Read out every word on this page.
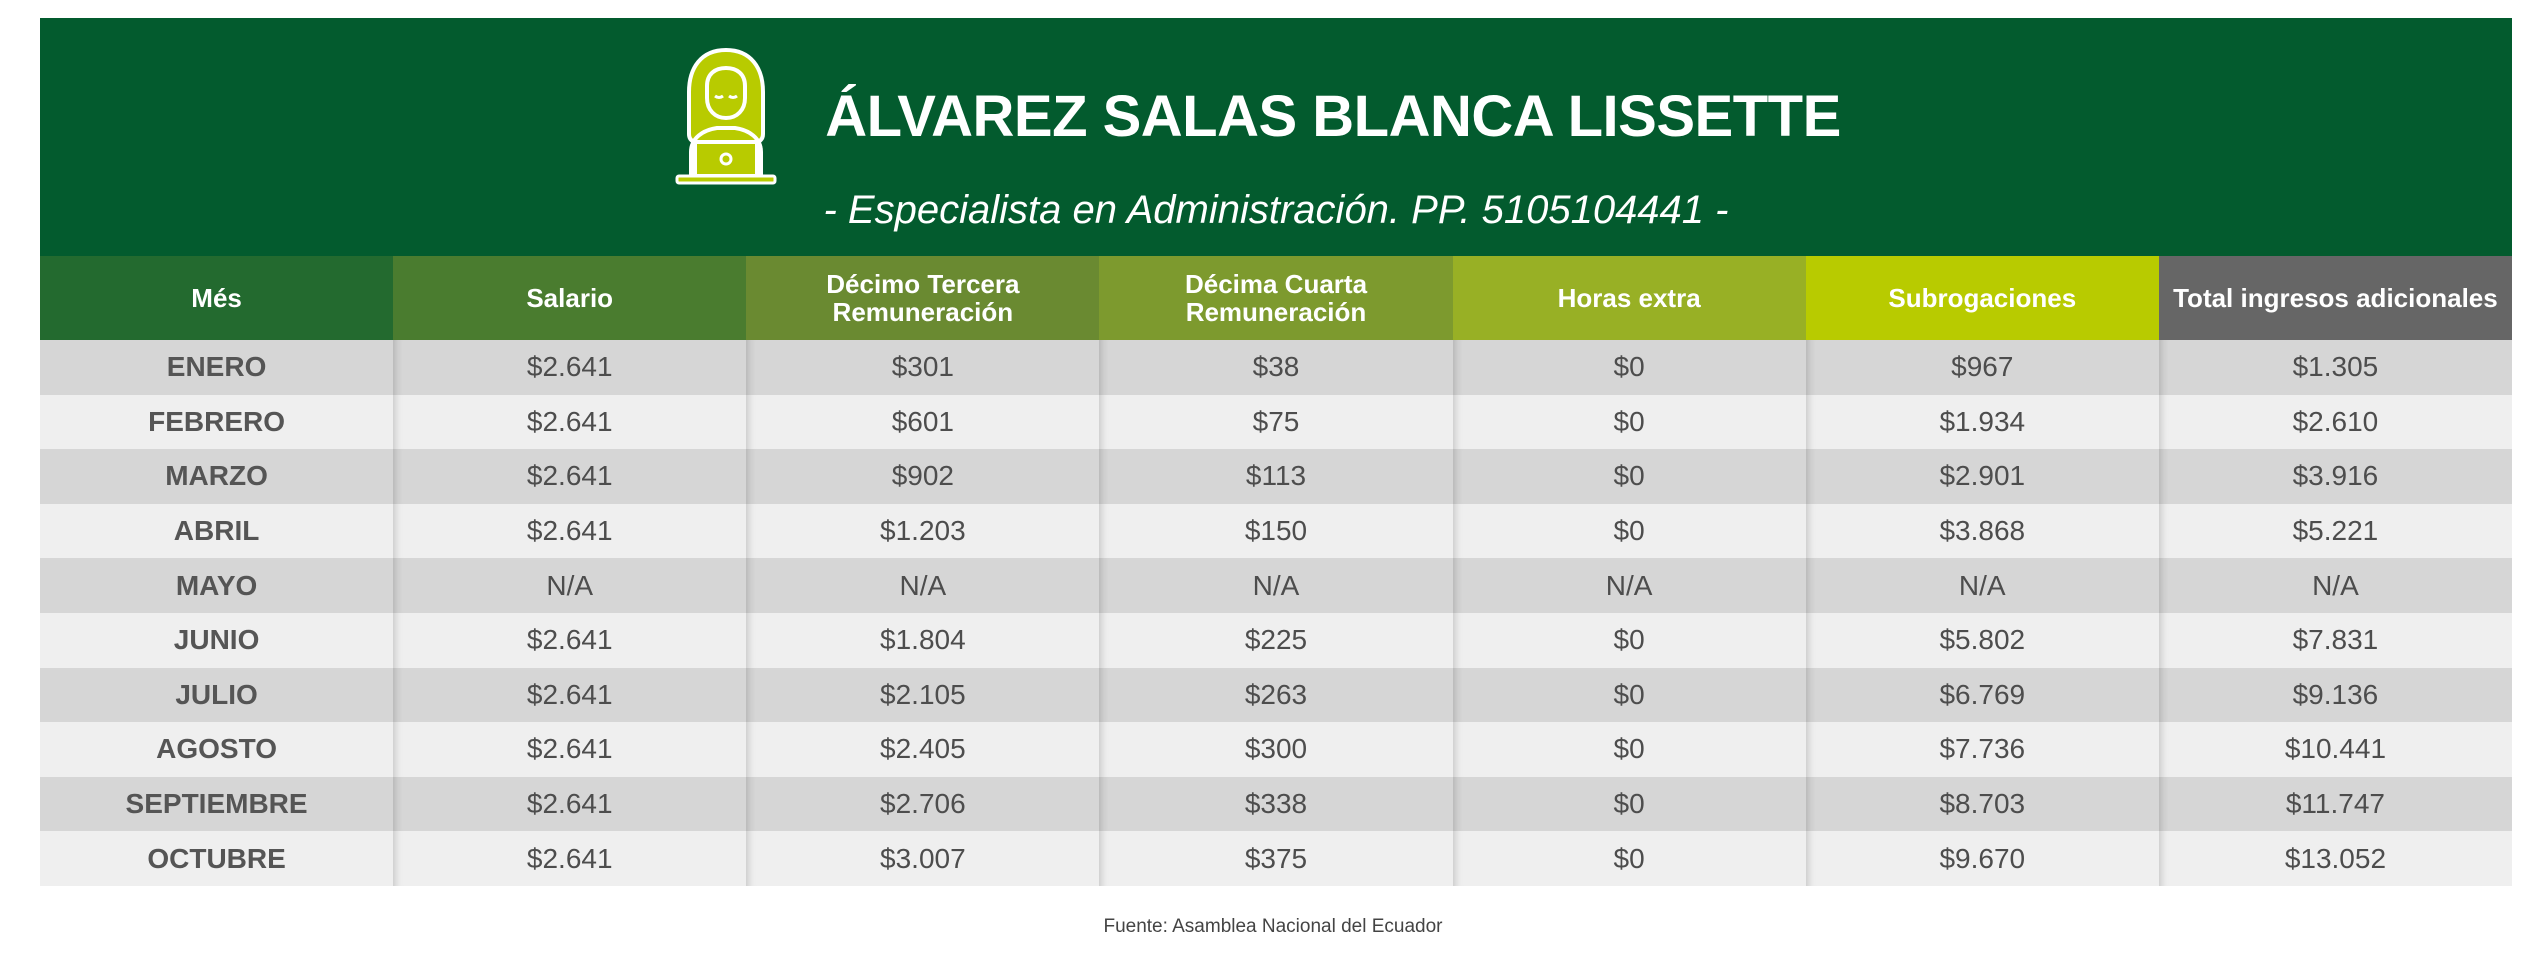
ÁLVAREZ SALAS BLANCA LISSETTE
- Especialista en Administración. PP. 5105104441 -
Més	Salario	Décimo Tercera Remuneración	Décima Cuarta Remuneración	Horas extra	Subrogaciones	Total ingresos adicionales
ENERO	$2.641	$301	$38	$0	$967	$1.305
FEBRERO	$2.641	$601	$75	$0	$1.934	$2.610
MARZO	$2.641	$902	$113	$0	$2.901	$3.916
ABRIL	$2.641	$1.203	$150	$0	$3.868	$5.221
MAYO	N/A	N/A	N/A	N/A	N/A	N/A
JUNIO	$2.641	$1.804	$225	$0	$5.802	$7.831
JULIO	$2.641	$2.105	$263	$0	$6.769	$9.136
AGOSTO	$2.641	$2.405	$300	$0	$7.736	$10.441
SEPTIEMBRE	$2.641	$2.706	$338	$0	$8.703	$11.747
OCTUBRE	$2.641	$3.007	$375	$0	$9.670	$13.052
Fuente: Asamblea Nacional del Ecuador
